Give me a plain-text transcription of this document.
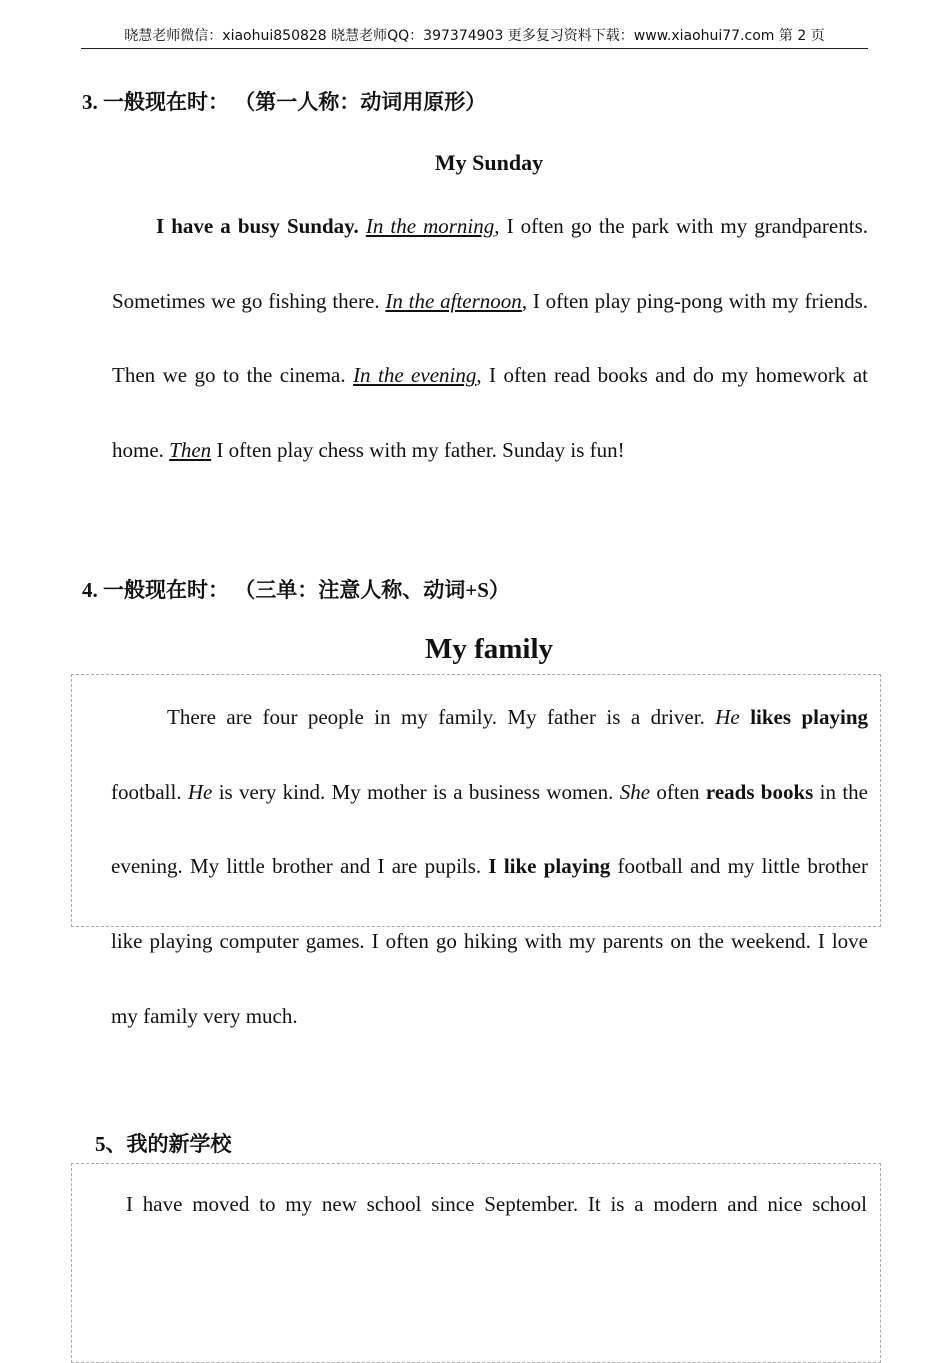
晓慧老师微信：xiaohui850828 晓慧老师QQ：397374903 更多复习资料下载：www.xiaohui77.com 第 2 页
3. 一般现在时： （第一人称：动词用原形）
My Sunday

I have a busy Sunday. In the morning, I often go the park with my grandparents. Sometimes we go fishing there. In the afternoon, I often play ping-pong with my friends. Then we go to the cinema. In the evening, I often read books and do my homework at home. Then I often play chess with my father. Sunday is fun!

4. 一般现在时： （三单：注意人称、动词+S）
My family

There are four people in my family. My father is a driver. He likes playing football. He is very kind. My mother is a business women. She often reads books in the evening. My little brother and I are pupils. I like playing football and my little brother like playing computer games. I often go hiking with my parents on the weekend. I love my family very much.

5、我的新学校

I have moved to my new school since September. It is a modern and nice school
